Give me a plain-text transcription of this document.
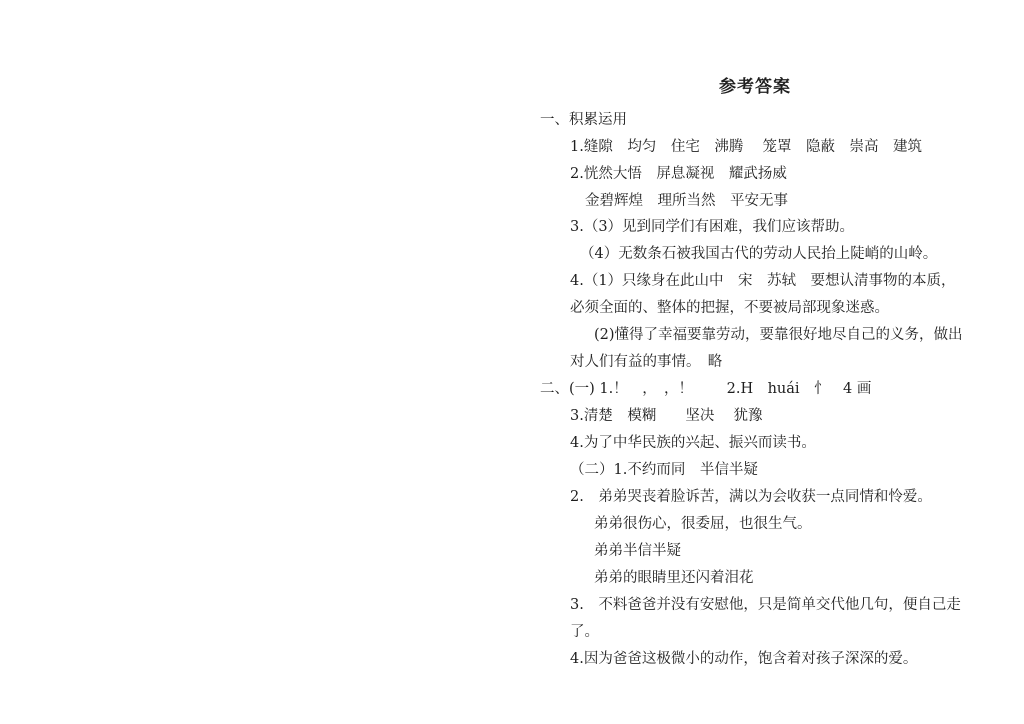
参考答案
一、积累运用
1.缝隙　均匀　住宅　沸腾　 笼罩　隐蔽　崇高　建筑
2.恍然大悟　屏息凝视　耀武扬威
金碧辉煌　理所当然　平安无事
3.（3）见到同学们有困难，我们应该帮助。
（4）无数条石被我国古代的劳动人民抬上陡峭的山岭。
4.（1）只缘身在此山中　宋　苏轼　要想认清事物的本质，
必须全面的、整体的把握，不要被局部现象迷惑。
(2)懂得了幸福要靠劳动，要靠很好地尽自己的义务，做出
对人们有益的事情。　略
二、(一) 1.！　，　，！　　 2.H　huái　忄　4 画
3.清楚　模糊　　坚决　 犹豫
4.为了中华民族的兴起、振兴而读书。
（二）1.不约而同　半信半疑
2.　弟弟哭丧着脸诉苦，满以为会收获一点同情和怜爱。
弟弟很伤心，很委屈，也很生气。
弟弟半信半疑
弟弟的眼睛里还闪着泪花
3.　不料爸爸并没有安慰他，只是简单交代他几句，便自己走
了。
4.因为爸爸这极微小的动作，饱含着对孩子深深的爱。
